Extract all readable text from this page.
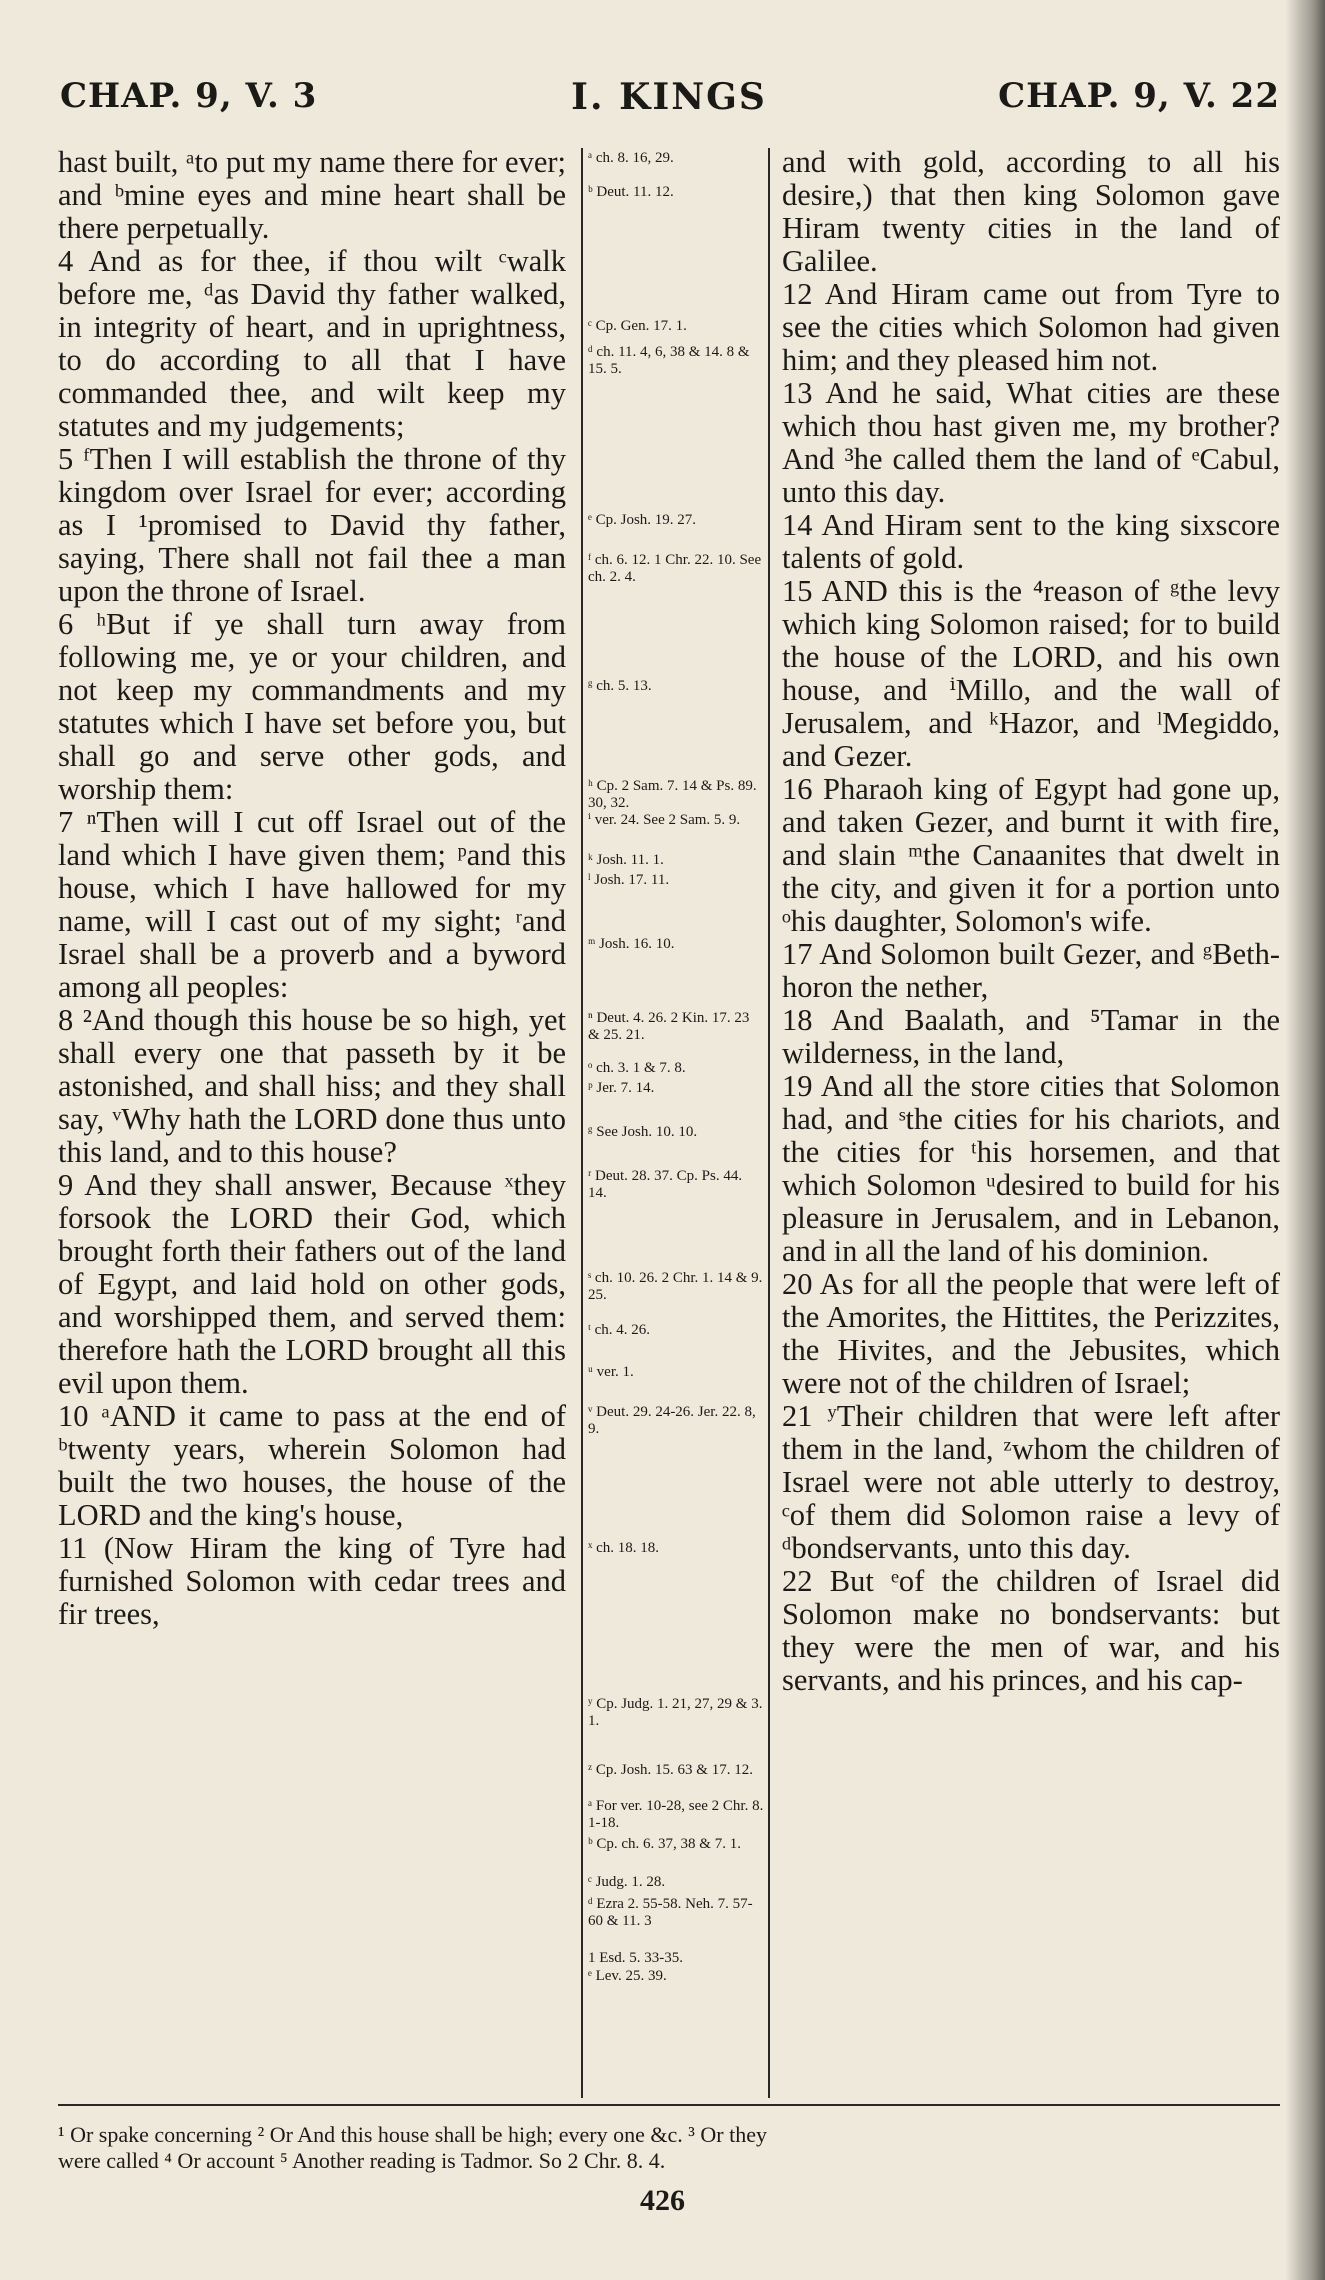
CHAP. 9, V. 3	I. KINGS	CHAP. 9, V. 22

hast built, ᵃto put my name there for ever; and ᵇmine eyes and mine heart shall be there perpetually.

4 And as for thee, if thou wilt ᶜwalk before me, ᵈas David thy father walked, in integrity of heart, and in uprightness, to do according to all that I have commanded thee, and wilt keep my statutes and my judgements;

5 ᶠThen I will establish the throne of thy kingdom over Israel for ever; according as I ¹promised to David thy father, saying, There shall not fail thee a man upon the throne of Israel.

6 ʰBut if ye shall turn away from following me, ye or your children, and not keep my commandments and my statutes which I have set before you, but shall go and serve other gods, and worship them:

7 ⁿThen will I cut off Israel out of the land which I have given them; ᵖand this house, which I have hallowed for my name, will I cast out of my sight; ʳand Israel shall be a proverb and a byword among all peoples:

8 ²And though this house be so high, yet shall every one that passeth by it be astonished, and shall hiss; and they shall say, ᵛWhy hath the LORD done thus unto this land, and to this house?

9 And they shall answer, Because ˣthey forsook the LORD their God, which brought forth their fathers out of the land of Egypt, and laid hold on other gods, and worshipped them, and served them: therefore hath the LORD brought all this evil upon them.

10 ᵃAND it came to pass at the end of ᵇtwenty years, wherein Solomon had built the two houses, the house of the LORD and the king's house,

11 (Now Hiram the king of Tyre had furnished Solomon with cedar trees and fir trees,

ᵃ ch. 8. 16, 29.
ᵇ Deut. 11. 12.
ᶜ Cp. Gen. 17. 1.
ᵈ ch. 11. 4, 6, 38 & 14. 8 & 15. 5.
ᵉ Cp. Josh. 19. 27.
ᶠ ch. 6. 12. 1 Chr. 22. 10. See ch. 2. 4.
ᵍ ch. 5. 13.
ʰ Cp. 2 Sam. 7. 14 & Ps. 89. 30, 32.
ⁱ ver. 24. See 2 Sam. 5. 9.
ᵏ Josh. 11. 1.
ˡ Josh. 17. 11.
ᵐ Josh. 16. 10.
ⁿ Deut. 4. 26. 2 Kin. 17. 23 & 25. 21.
ᵒ ch. 3. 1 & 7. 8.
ᵖ Jer. 7. 14.
ᵍ See Josh. 10. 10.
ʳ Deut. 28. 37. Cp. Ps. 44. 14.
ˢ ch. 10. 26. 2 Chr. 1. 14 & 9. 25.
ᵗ ch. 4. 26.
ᵘ ver. 1.
ᵛ Deut. 29. 24-26. Jer. 22. 8, 9.
ˣ ch. 18. 18.
ʸ Cp. Judg. 1. 21, 27, 29 & 3. 1.
ᶻ Cp. Josh. 15. 63 & 17. 12.
ᵃ For ver. 10-28, see 2 Chr. 8. 1-18.
ᵇ Cp. ch. 6. 37, 38 & 7. 1.
ᶜ Judg. 1. 28.
ᵈ Ezra 2. 55-58. Neh. 7. 57-60 & 11. 3
1 Esd. 5. 33-35.
ᵉ Lev. 25. 39.

and with gold, according to all his desire,) that then king Solomon gave Hiram twenty cities in the land of Galilee.

12 And Hiram came out from Tyre to see the cities which Solomon had given him; and they pleased him not.

13 And he said, What cities are these which thou hast given me, my brother? And ³he called them the land of ᵉCabul, unto this day.

14 And Hiram sent to the king sixscore talents of gold.

15 AND this is the ⁴reason of ᵍthe levy which king Solomon raised; for to build the house of the LORD, and his own house, and ⁱMillo, and the wall of Jerusalem, and ᵏHazor, and ˡMegiddo, and Gezer.

16 Pharaoh king of Egypt had gone up, and taken Gezer, and burnt it with fire, and slain ᵐthe Canaanites that dwelt in the city, and given it for a portion unto ᵒhis daughter, Solomon's wife.

17 And Solomon built Gezer, and ᵍBeth-horon the nether,

18 And Baalath, and ⁵Tamar in the wilderness, in the land,

19 And all the store cities that Solomon had, and ˢthe cities for his chariots, and the cities for ᵗhis horsemen, and that which Solomon ᵘdesired to build for his pleasure in Jerusalem, and in Lebanon, and in all the land of his dominion.

20 As for all the people that were left of the Amorites, the Hittites, the Perizzites, the Hivites, and the Jebusites, which were not of the children of Israel;

21 ʸTheir children that were left after them in the land, ᶻwhom the children of Israel were not able utterly to destroy, ᶜof them did Solomon raise a levy of ᵈbondservants, unto this day.

22 But ᵉof the children of Israel did Solomon make no bondservants: but they were the men of war, and his servants, and his princes, and his cap-

¹ Or spake concerning ² Or And this house shall be high; every one &c. ³ Or they
were called ⁴ Or account ⁵ Another reading is Tadmor. So 2 Chr. 8. 4.
426
